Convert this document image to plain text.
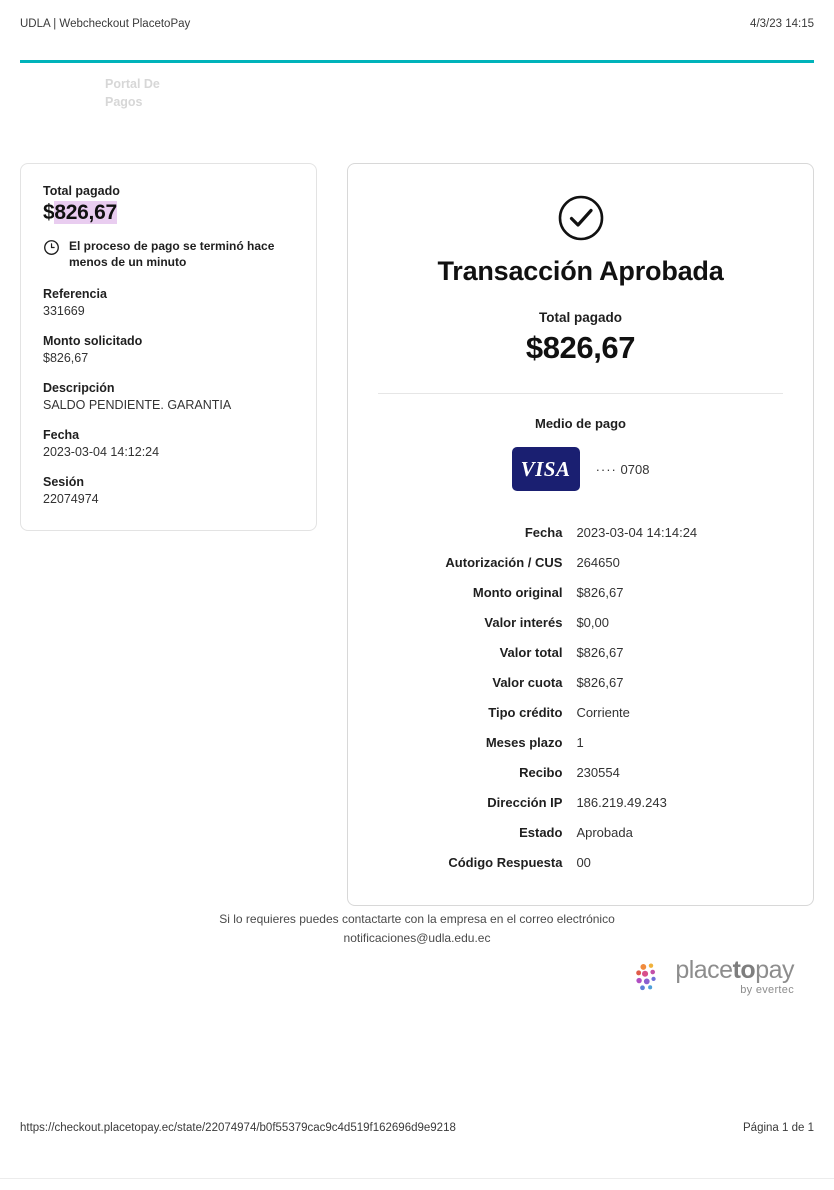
UDLA | Webcheckout PlacetoPay	4/3/23 14:15
Portal De
Pagos
Total pagado
$826,67
El proceso de pago se terminó hace menos de un minuto
Referencia
331669
Monto solicitado
$826,67
Descripción
SALDO PENDIENTE. GARANTIA
Fecha
2023-03-04 14:12:24
Sesión
22074974
Transacción Aprobada
Total pagado
$826,67
Medio de pago
VISA	···· 0708
Fecha	2023-03-04 14:14:24
Autorización / CUS	264650
Monto original	$826,67
Valor interés	$0,00
Valor total	$826,67
Valor cuota	$826,67
Tipo crédito	Corriente
Meses plazo	1
Recibo	230554
Dirección IP	186.219.49.243
Estado	Aprobada
Código Respuesta	00
Si lo requieres puedes contactarte con la empresa en el correo electrónico
notificaciones@udla.edu.ec
placetopay
by evertec
https://checkout.placetopay.ec/state/22074974/b0f55379cac9c4d519f162696d9e9218	Página 1 de 1
